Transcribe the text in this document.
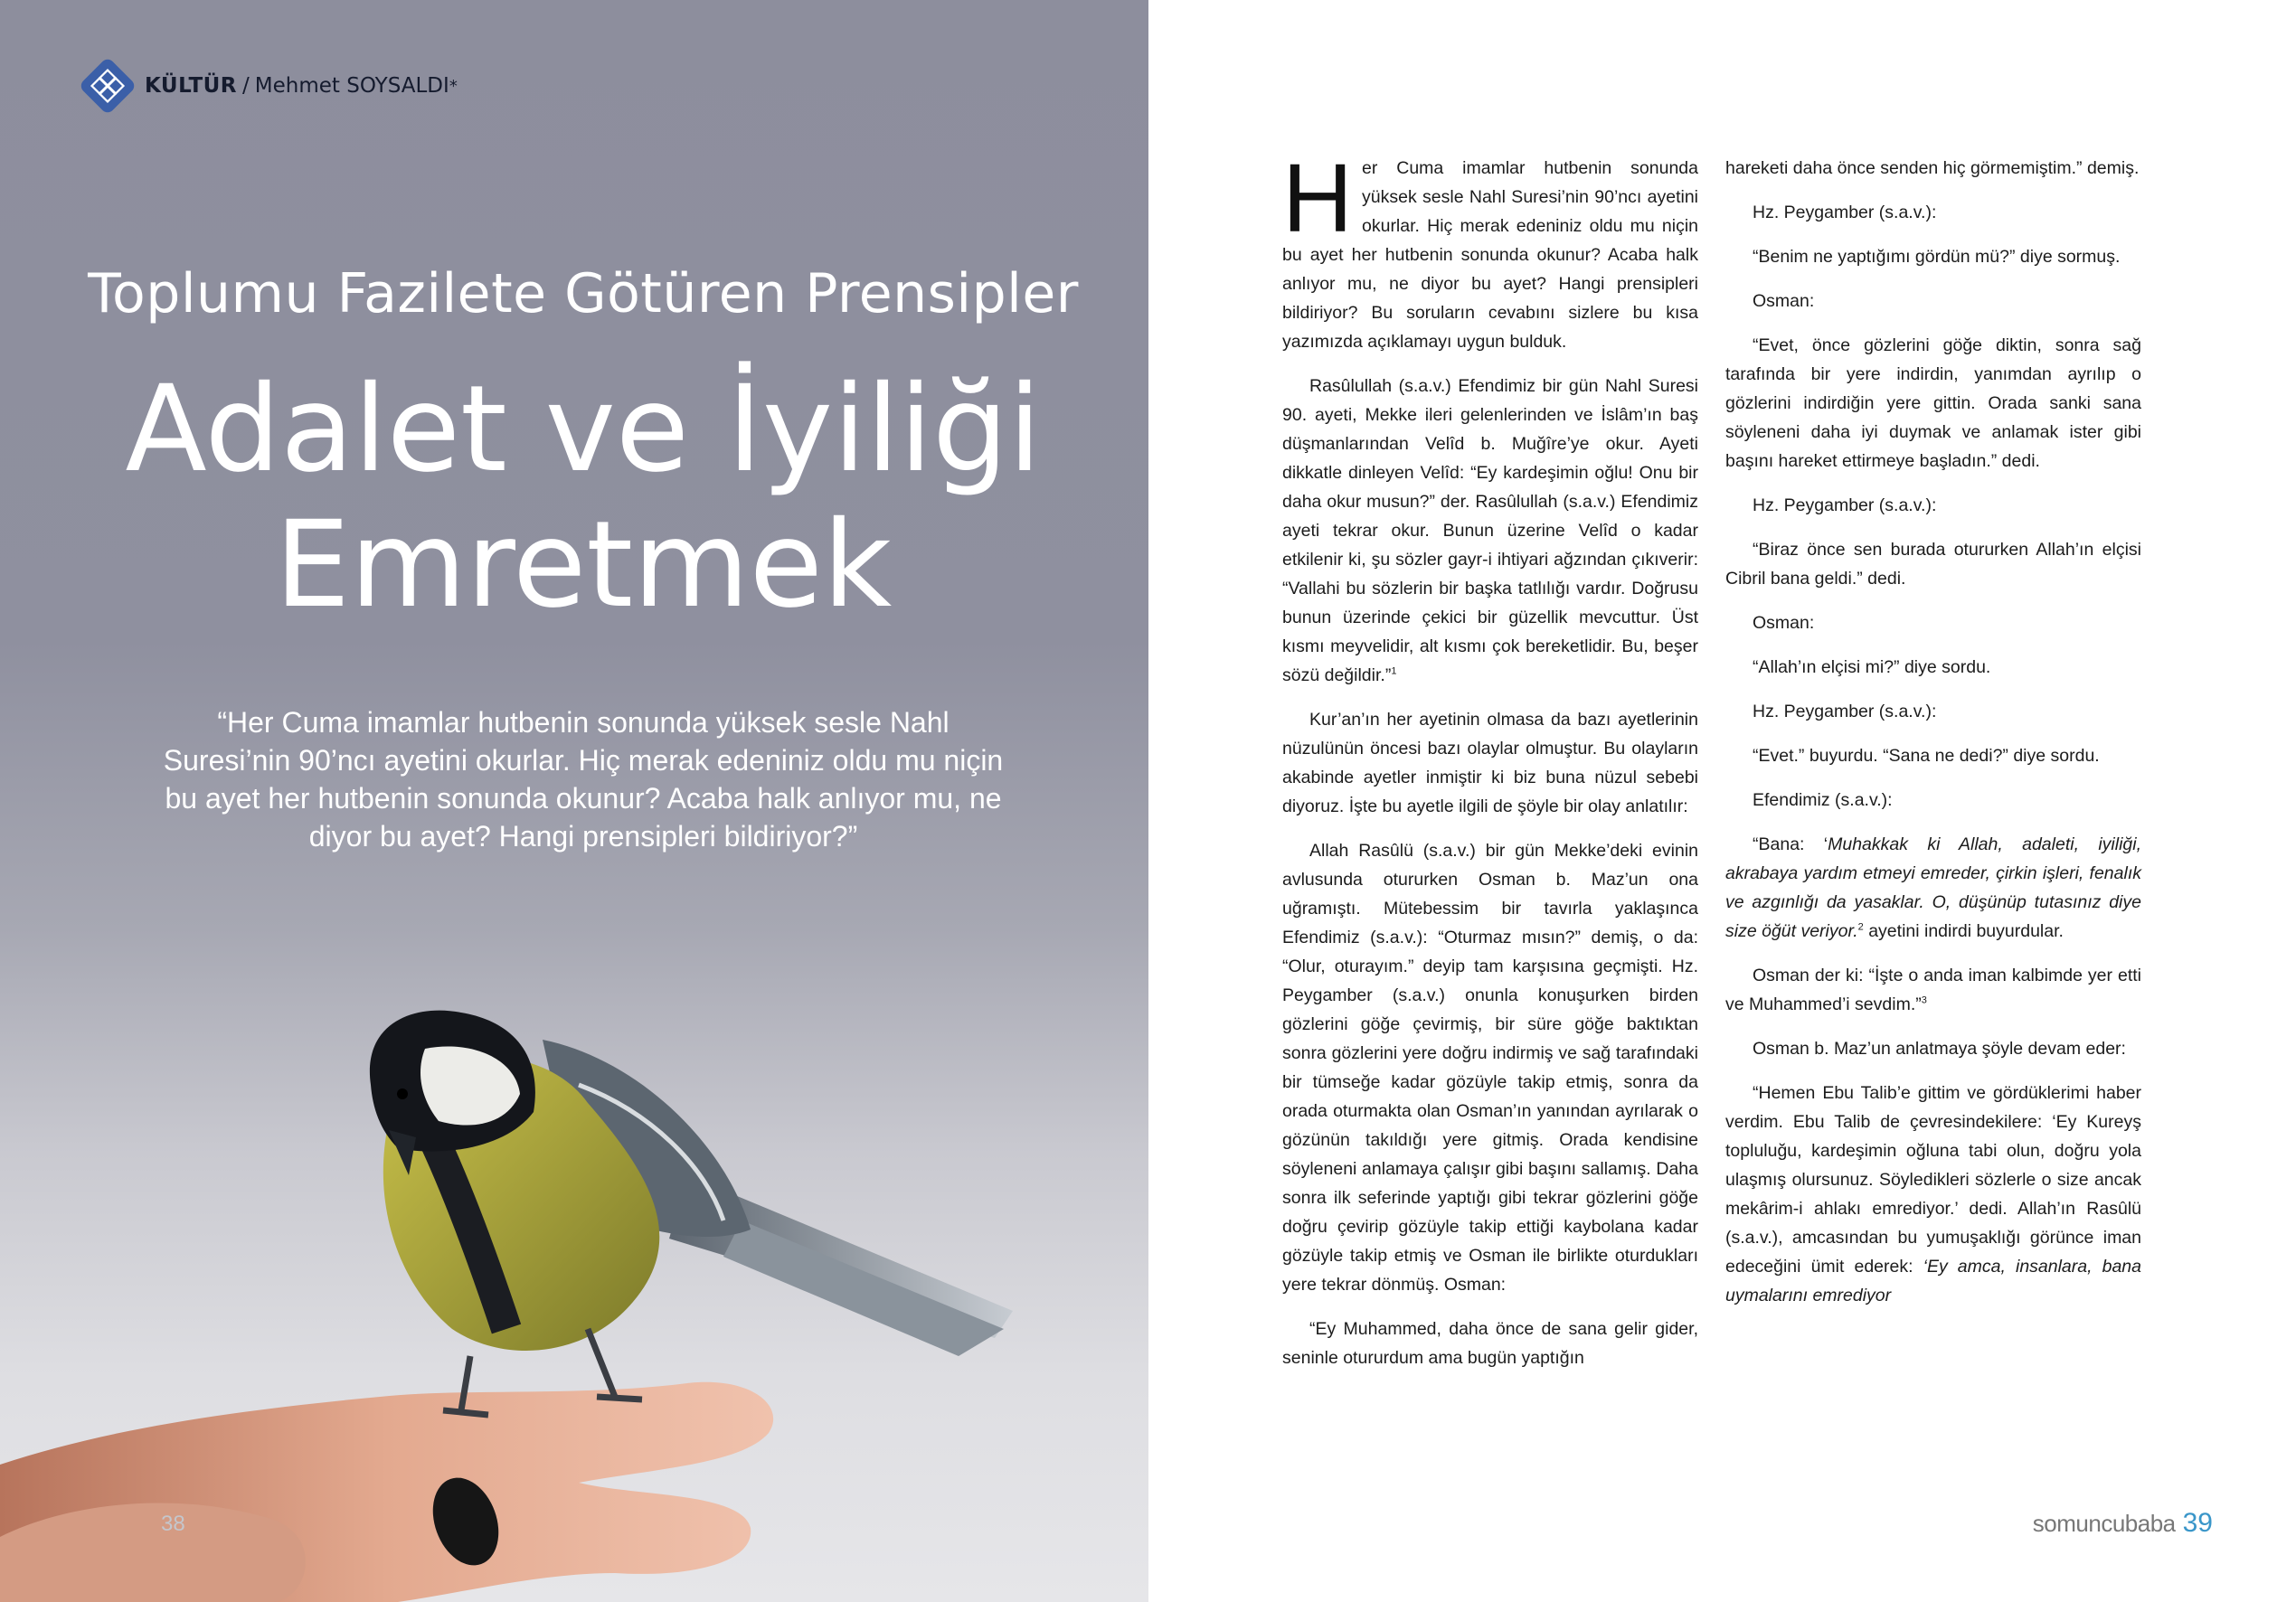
KÜLTÜR / Mehmet SOYSALDI *
Toplumu Fazilete Götüren Prensipler
Adalet ve İyiliği
Emretmek
“Her Cuma imamlar hutbenin sonunda yüksek sesle Nahl Suresi’nin 90’ncı ayetini okurlar. Hiç merak edeniniz oldu mu niçin bu ayet her hutbenin sonunda okunur? Acaba halk anlıyor mu, ne diyor bu ayet? Hangi prensipleri bildiriyor?”
38

Her Cuma imamlar hutbenin sonunda yüksek sesle Nahl Suresi’nin 90’ncı ayetini okurlar. Hiç merak edeniniz oldu mu niçin bu ayet her hutbenin sonunda okunur? Acaba halk anlıyor mu, ne diyor bu ayet? Hangi prensipleri bildiriyor? Bu soruların cevabını sizlere bu kısa yazımızda açıklamayı uygun bulduk.

Rasûlullah (s.a.v.) Efendimiz bir gün Nahl Suresi 90. ayeti, Mekke ileri gelenlerinden ve İslâm’ın baş düşmanlarından Velîd b. Muğîre’ye okur. Ayeti dikkatle dinleyen Velîd: “Ey kardeşimin oğlu! Onu bir daha okur musun?” der. Rasûlullah (s.a.v.) Efendimiz ayeti tekrar okur. Bunun üzerine Velîd o kadar etkilenir ki, şu sözler gayr-i ihtiyari ağzından çıkıverir: “Vallahi bu sözlerin bir başka tatlılığı vardır. Doğrusu bunun üzerinde çekici bir güzellik mevcuttur. Üst kısmı meyvelidir, alt kısmı çok bereketlidir. Bu, beşer sözü değildir.”$^1$

Kur’an’ın her ayetinin olmasa da bazı ayetlerinin nüzulünün öncesi bazı olaylar olmuştur. Bu olayların akabinde ayetler inmiştir ki biz buna nüzul sebebi diyoruz. İşte bu ayetle ilgili de şöyle bir olay anlatılır:

Allah Rasûlü (s.a.v.) bir gün Mekke’deki evinin avlusunda otururken Osman b. Maz’un ona uğramıştı. Mütebessim bir tavırla yaklaşınca Efendimiz (s.a.v.): “Oturmaz mısın?” demiş, o da: “Olur, oturayım.” deyip tam karşısına geçmişti. Hz. Peygamber (s.a.v.) onunla konuşurken birden gözlerini göğe çevirmiş, bir süre göğe baktıktan sonra gözlerini yere doğru indirmiş ve sağ tarafındaki bir tümseğe kadar gözüyle takip etmiş, sonra da orada oturmakta olan Osman’ın yanından ayrılarak o gözünün takıldığı yere gitmiş. Orada kendisine söyleneni anlamaya çalışır gibi başını sallamış. Daha sonra ilk seferinde yaptığı gibi tekrar gözlerini göğe doğru çevirip gözüyle takip ettiği kaybolana kadar gözüyle takip etmiş ve Osman ile birlikte oturdukları yere tekrar dönmüş. Osman:

“Ey Muhammed, daha önce de sana gelir gider, seninle otururdum ama bugün yaptığın

hareketi daha önce senden hiç görmemiştim.” demiş.

Hz. Peygamber (s.a.v.):

“Benim ne yaptığımı gördün mü?” diye sormuş.

Osman:

“Evet, önce gözlerini göğe diktin, sonra sağ tarafında bir yere indirdin, yanımdan ayrılıp o gözlerini indirdiğin yere gittin. Orada sanki sana söyleneni daha iyi duymak ve anlamak ister gibi başını hareket ettirmeye başladın.” dedi.

Hz. Peygamber (s.a.v.):

“Biraz önce sen burada otururken Allah’ın elçisi Cibril bana geldi.” dedi.

Osman:

“Allah’ın elçisi mi?” diye sordu.

Hz. Peygamber (s.a.v.):

“Evet.” buyurdu. “Sana ne dedi?” diye sordu.

Efendimiz (s.a.v.):

“Bana: ‘Muhakkak ki Allah, adaleti, iyiliği, akrabaya yardım etmeyi emreder, çirkin işleri, fenalık ve azgınlığı da yasaklar. O, düşünüp tutasınız diye size öğüt veriyor.$^2$ ayetini indirdi buyurdular.

Osman der ki: “İşte o anda iman kalbimde yer etti ve Muhammed’i sevdim.”$^3$

Osman b. Maz’un anlatmaya şöyle devam eder:

“Hemen Ebu Talib’e gittim ve gördüklerimi haber verdim. Ebu Talib de çevresindekilere: ‘Ey Kureyş topluluğu, kardeşimin oğluna tabi olun, doğru yola ulaşmış olursunuz. Söyledikleri sözlerle o size ancak mekârim-i ahlakı emrediyor.’ dedi. Allah’ın Rasûlü (s.a.v.), amcasından bu yumuşaklığı görünce iman edeceğini ümit ederek: ‘Ey amca, insanlara, bana uymalarını emrediyor

somuncubaba 39
